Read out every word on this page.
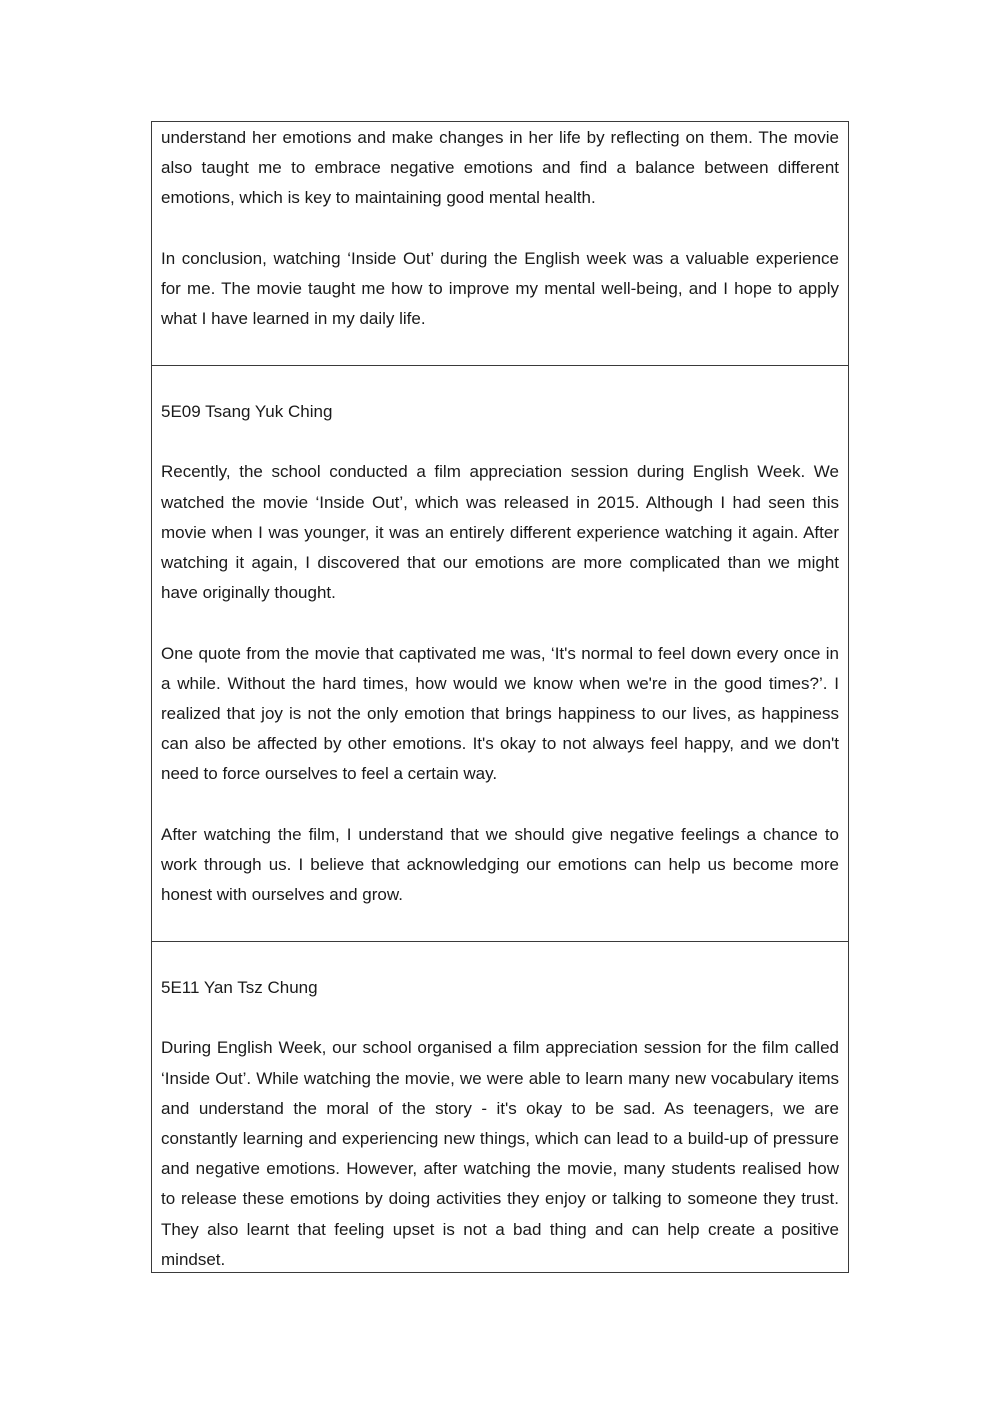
understand her emotions and make changes in her life by reflecting on them. The movie also taught me to embrace negative emotions and find a balance between different emotions, which is key to maintaining good mental health.

In conclusion, watching ‘Inside Out’ during the English week was a valuable experience for me. The movie taught me how to improve my mental well-being, and I hope to apply what I have learned in my daily life.

5E09 Tsang Yuk Ching

Recently, the school conducted a film appreciation session during English Week. We watched the movie ‘Inside Out’, which was released in 2015. Although I had seen this movie when I was younger, it was an entirely different experience watching it again. After watching it again, I discovered that our emotions are more complicated than we might have originally thought.

One quote from the movie that captivated me was, ‘It's normal to feel down every once in a while. Without the hard times, how would we know when we're in the good times?’. I realized that joy is not the only emotion that brings happiness to our lives, as happiness can also be affected by other emotions. It's okay to not always feel happy, and we don't need to force ourselves to feel a certain way.

After watching the film, I understand that we should give negative feelings a chance to work through us. I believe that acknowledging our emotions can help us become more honest with ourselves and grow.

5E11 Yan Tsz Chung

During English Week, our school organised a film appreciation session for the film called ‘Inside Out’. While watching the movie, we were able to learn many new vocabulary items and understand the moral of the story - it's okay to be sad. As teenagers, we are constantly learning and experiencing new things, which can lead to a build-up of pressure and negative emotions. However, after watching the movie, many students realised how to release these emotions by doing activities they enjoy or talking to someone they trust. They also learnt that feeling upset is not a bad thing and can help create a positive mindset.
